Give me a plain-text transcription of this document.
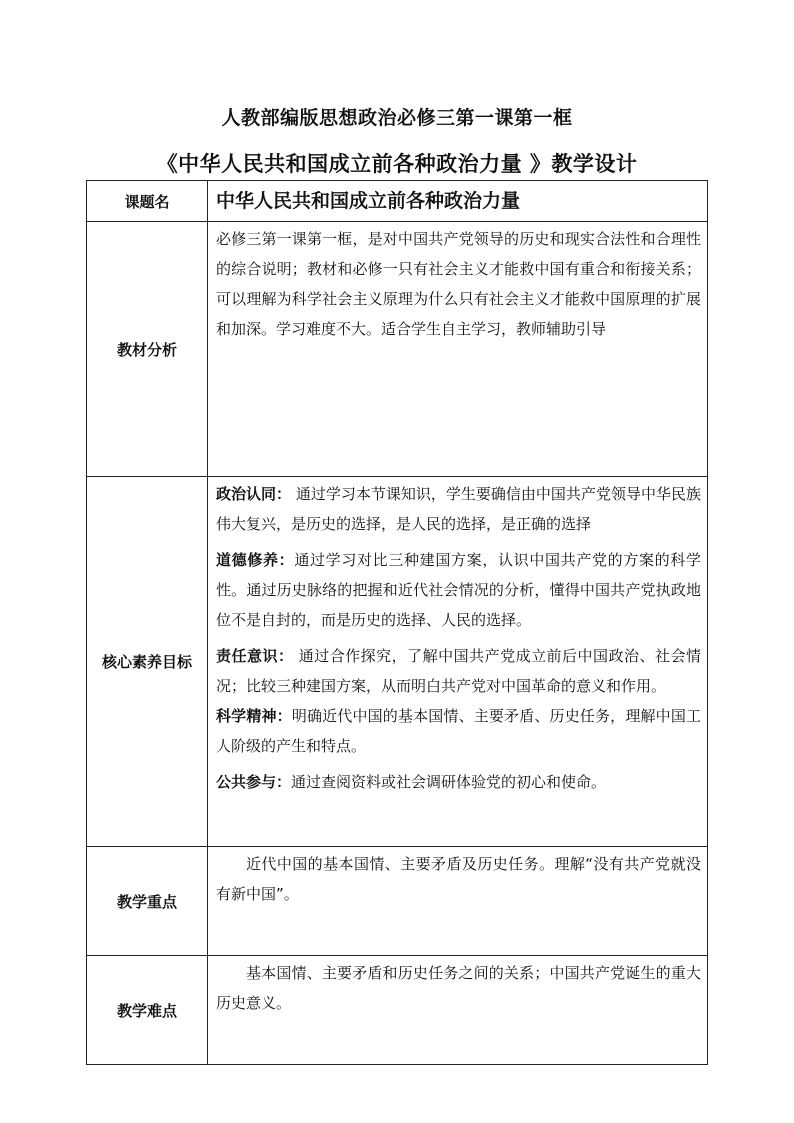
人教部编版思想政治必修三第一课第一框
《中华人民共和国成立前各种政治力量 》教学设计
课题名	中华人民共和国成立前各种政治力量
教材分析	必修三第一课第一框，是对中国共产党领导的历史和现实合法性和合理性的综合说明；教材和必修一只有社会主义才能救中国有重合和衔接关系；可以理解为科学社会主义原理为什么只有社会主义才能救中国原理的扩展和加深。学习难度不大。适合学生自主学习，教师辅助引导
核心素养目标	政治认同： 通过学习本节课知识，学生要确信由中国共产党领导中华民族伟大复兴，是历史的选择，是人民的选择，是正确的选择

道德修养：通过学习对比三种建国方案，认识中国共产党的方案的科学性。通过历史脉络的把握和近代社会情况的分析，懂得中国共产党执政地位不是自封的，而是历史的选择、人民的选择。

责任意识： 通过合作探究，了解中国共产党成立前后中国政治、社会情况；比较三种建国方案，从而明白共产党对中国革命的意义和作用。

科学精神：明确近代中国的基本国情、主要矛盾、历史任务，理解中国工人阶级的产生和特点。

公共参与：通过查阅资料或社会调研体验党的初心和使命。

教学重点	近代中国的基本国情、主要矛盾及历史任务。理解“没有共产党就没有新中国”。

教学难点	基本国情、主要矛盾和历史任务之间的关系；中国共产党诞生的重大历史意义。
